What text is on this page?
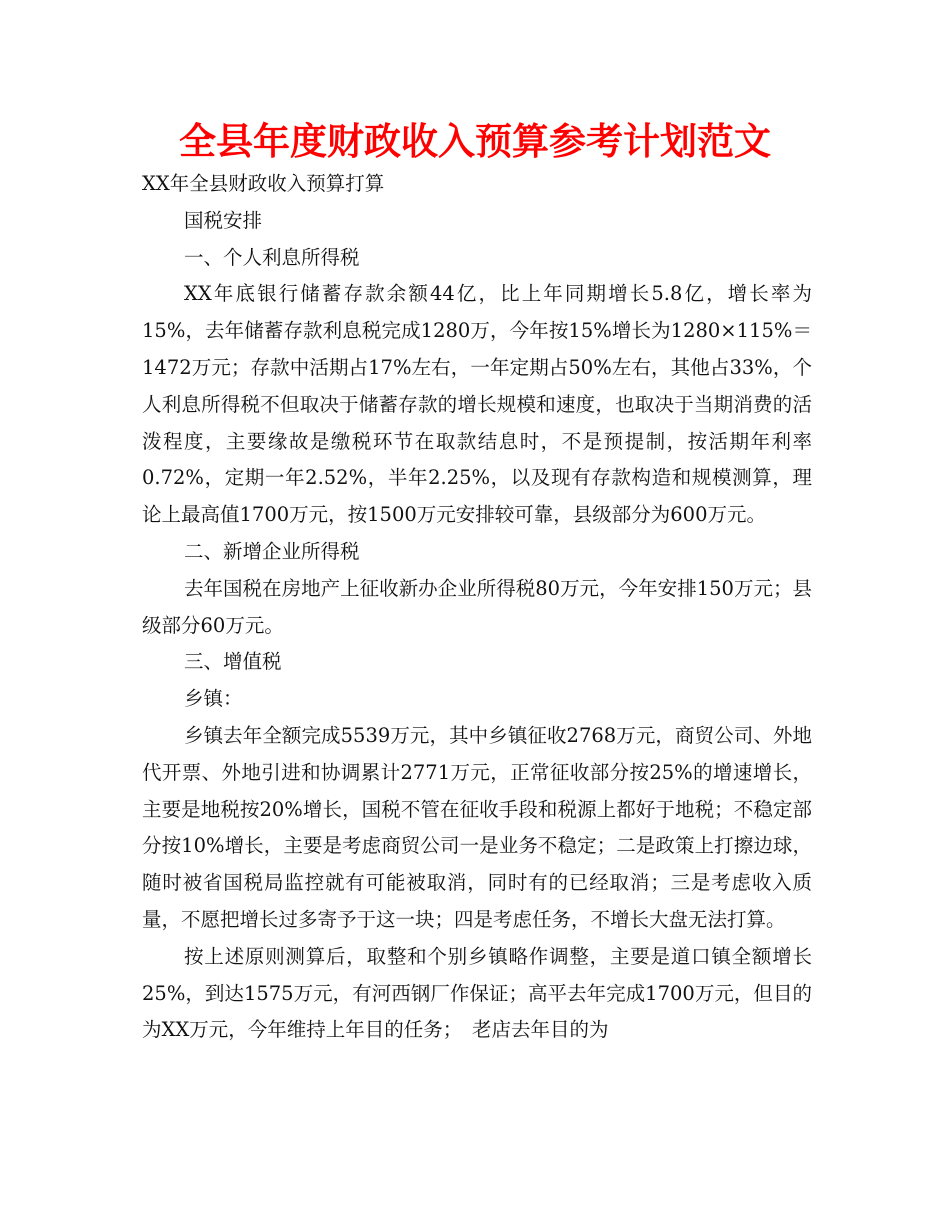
全县年度财政收入预算参考计划范文

XX年全县财政收入预算打算

国税安排

一、个人利息所得税

XX年底银行储蓄存款余额44亿，比上年同期增长5.8亿，增长率为15%，去年储蓄存款利息税完成1280万，今年按15%增长为1280×115%＝1472万元；存款中活期占17%左右，一年定期占50%左右，其他占33%，个人利息所得税不但取决于储蓄存款的增长规模和速度，也取决于当期消费的活泼程度，主要缘故是缴税环节在取款结息时，不是预提制，按活期年利率0.72%，定期一年2.52%，半年2.25%，以及现有存款构造和规模测算，理论上最高值1700万元，按1500万元安排较可靠，县级部分为600万元。

二、新增企业所得税

去年国税在房地产上征收新办企业所得税80万元，今年安排150万元；县级部分60万元。

三、增值税

乡镇：

乡镇去年全额完成5539万元，其中乡镇征收2768万元，商贸公司、外地代开票、外地引进和协调累计2771万元，正常征收部分按25%的增速增长，主要是地税按20%增长，国税不管在征收手段和税源上都好于地税；不稳定部分按10%增长，主要是考虑商贸公司一是业务不稳定；二是政策上打擦边球，随时被省国税局监控就有可能被取消，同时有的已经取消；三是考虑收入质量，不愿把增长过多寄予于这一块；四是考虑任务，不增长大盘无法打算。

按上述原则测算后，取整和个别乡镇略作调整，主要是道口镇全额增长25%，到达1575万元，有河西钢厂作保证；高平去年完成1700万元，但目的为XX万元，今年维持上年目的任务；　老店去年目的为
